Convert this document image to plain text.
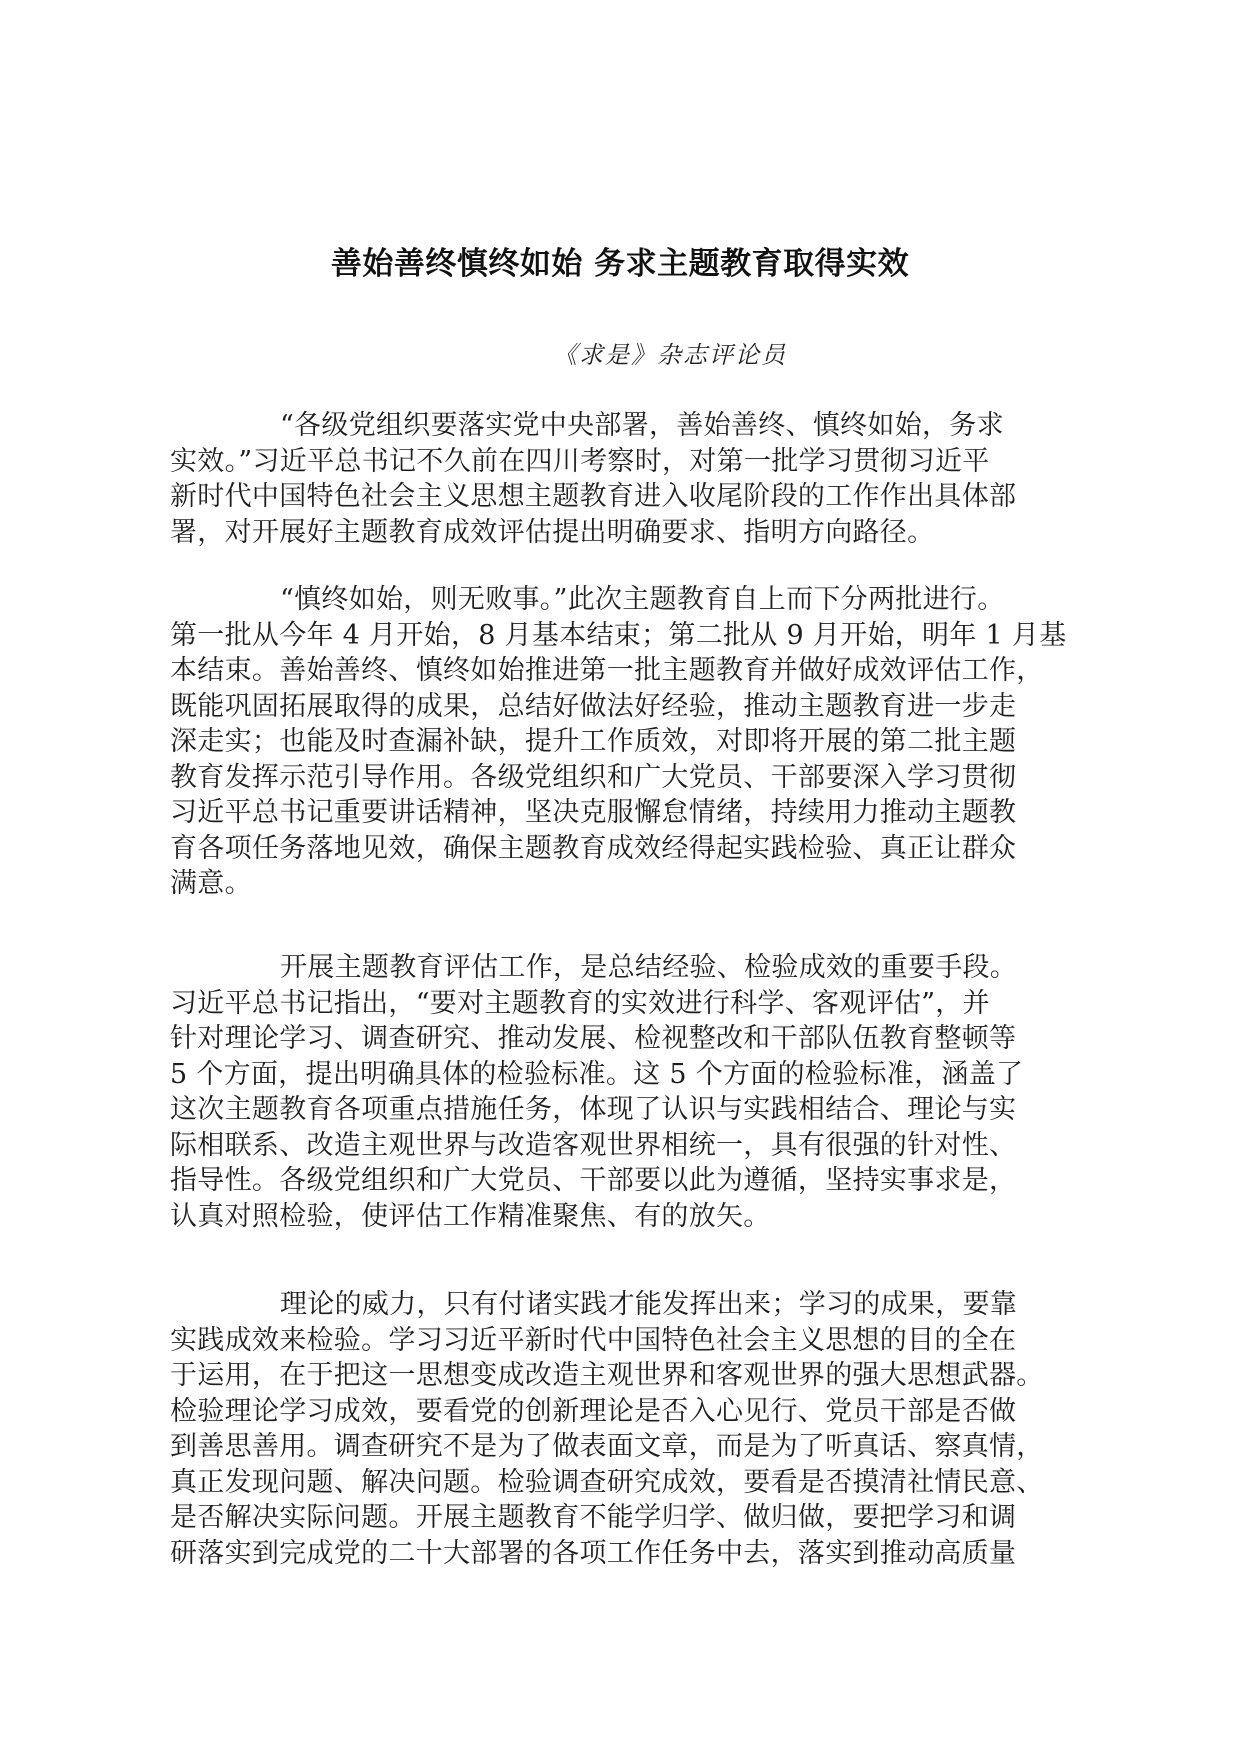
善始善终慎终如始 务求主题教育取得实效

《求是》杂志评论员

“各级党组织要落实党中央部署，善始善终、慎终如始，务求
实效。”习近平总书记不久前在四川考察时，对第一批学习贯彻习近平
新时代中国特色社会主义思想主题教育进入收尾阶段的工作作出具体部
署，对开展好主题教育成效评估提出明确要求、指明方向路径。

“慎终如始，则无败事。”此次主题教育自上而下分两批进行。
第一批从今年 4 月开始，8 月基本结束；第二批从 9 月开始，明年 1 月基
本结束。善始善终、慎终如始推进第一批主题教育并做好成效评估工作，
既能巩固拓展取得的成果，总结好做法好经验，推动主题教育进一步走
深走实；也能及时查漏补缺，提升工作质效，对即将开展的第二批主题
教育发挥示范引导作用。各级党组织和广大党员、干部要深入学习贯彻
习近平总书记重要讲话精神，坚决克服懈怠情绪，持续用力推动主题教
育各项任务落地见效，确保主题教育成效经得起实践检验、真正让群众
满意。

开展主题教育评估工作，是总结经验、检验成效的重要手段。
习近平总书记指出，“要对主题教育的实效进行科学、客观评估”，并
针对理论学习、调查研究、推动发展、检视整改和干部队伍教育整顿等
5 个方面，提出明确具体的检验标准。这 5 个方面的检验标准，涵盖了
这次主题教育各项重点措施任务，体现了认识与实践相结合、理论与实
际相联系、改造主观世界与改造客观世界相统一，具有很强的针对性、
指导性。各级党组织和广大党员、干部要以此为遵循，坚持实事求是，
认真对照检验，使评估工作精准聚焦、有的放矢。

理论的威力，只有付诸实践才能发挥出来；学习的成果，要靠
实践成效来检验。学习习近平新时代中国特色社会主义思想的目的全在
于运用，在于把这一思想变成改造主观世界和客观世界的强大思想武器。
检验理论学习成效，要看党的创新理论是否入心见行、党员干部是否做
到善思善用。调查研究不是为了做表面文章，而是为了听真话、察真情，
真正发现问题、解决问题。检验调查研究成效，要看是否摸清社情民意、
是否解决实际问题。开展主题教育不能学归学、做归做，要把学习和调
研落实到完成党的二十大部署的各项工作任务中去，落实到推动高质量
